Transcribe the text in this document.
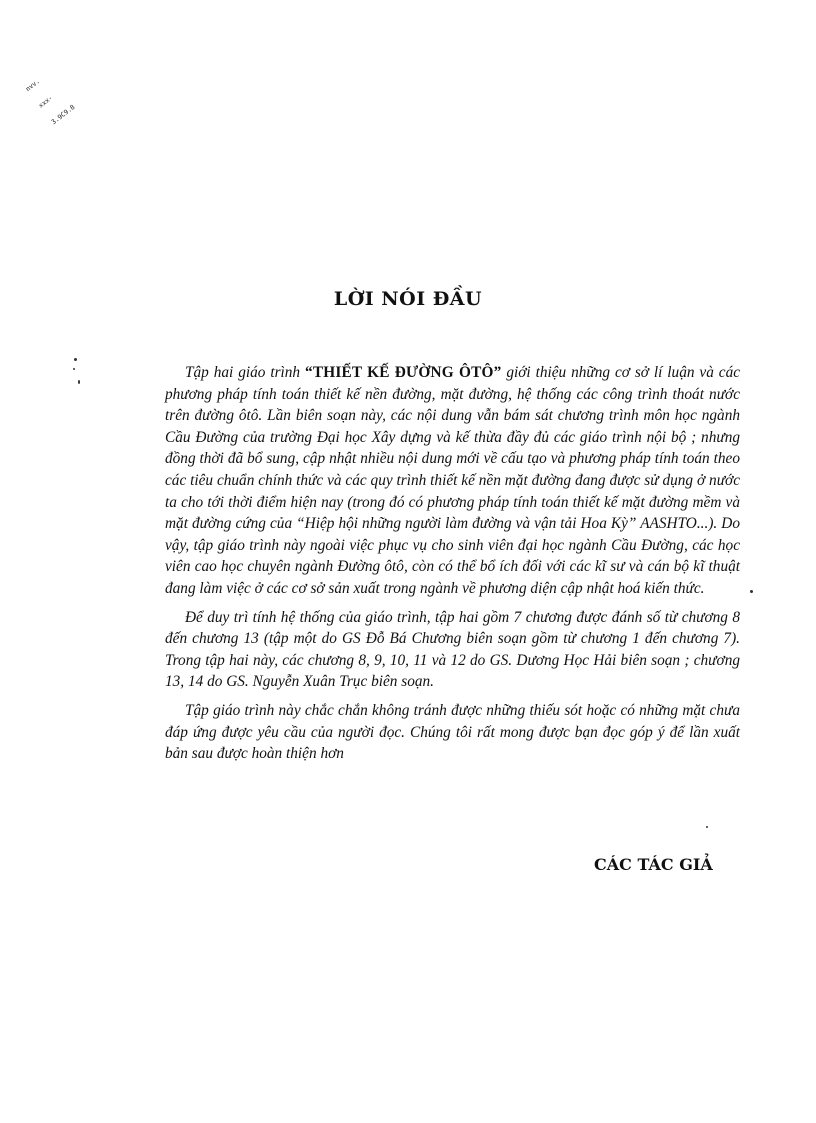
nvv.

xxx-

3.9C9.8

LỜI NÓI ĐẦU

Tập hai giáo trình “THIẾT KẾ ĐƯỜNG ÔTÔ” giới thiệu những cơ sở lí luận và các phương pháp tính toán thiết kế nền đường, mặt đường, hệ thống các công trình thoát nước trên đường ôtô. Lần biên soạn này, các nội dung vẫn bám sát chương trình môn học ngành Cầu Đường của trường Đại học Xây dựng và kế thừa đầy đủ các giáo trình nội bộ ; nhưng đồng thời đã bổ sung, cập nhật nhiều nội dung mới về cấu tạo và phương pháp tính toán theo các tiêu chuẩn chính thức và các quy trình thiết kế nền mặt đường đang được sử dụng ở nước ta cho tới thời điểm hiện nay (trong đó có phương pháp tính toán thiết kế mặt đường mềm và mặt đường cứng của “Hiệp hội những người làm đường và vận tải Hoa Kỳ” AASHTO...). Do vậy, tập giáo trình này ngoài việc phục vụ cho sinh viên đại học ngành Cầu Đường, các học viên cao học chuyên ngành Đường ôtô, còn có thể bổ ích đối với các kĩ sư và cán bộ kĩ thuật đang làm việc ở các cơ sở sản xuất trong ngành về phương diện cập nhật hoá kiến thức.

Để duy trì tính hệ thống của giáo trình, tập hai gồm 7 chương được đánh số từ chương 8 đến chương 13 (tập một do GS Đỗ Bá Chương biên soạn gồm từ chương 1 đến chương 7). Trong tập hai này, các chương 8, 9, 10, 11 và 12 do GS. Dương Học Hải biên soạn ; chương 13, 14 do GS. Nguyễn Xuân Trục biên soạn.

Tập giáo trình này chắc chắn không tránh được những thiếu sót hoặc có những mặt chưa đáp ứng được yêu cầu của người đọc. Chúng tôi rất mong được bạn đọc góp ý để lần xuất bản sau được hoàn thiện hơn

CÁC TÁC GIẢ
